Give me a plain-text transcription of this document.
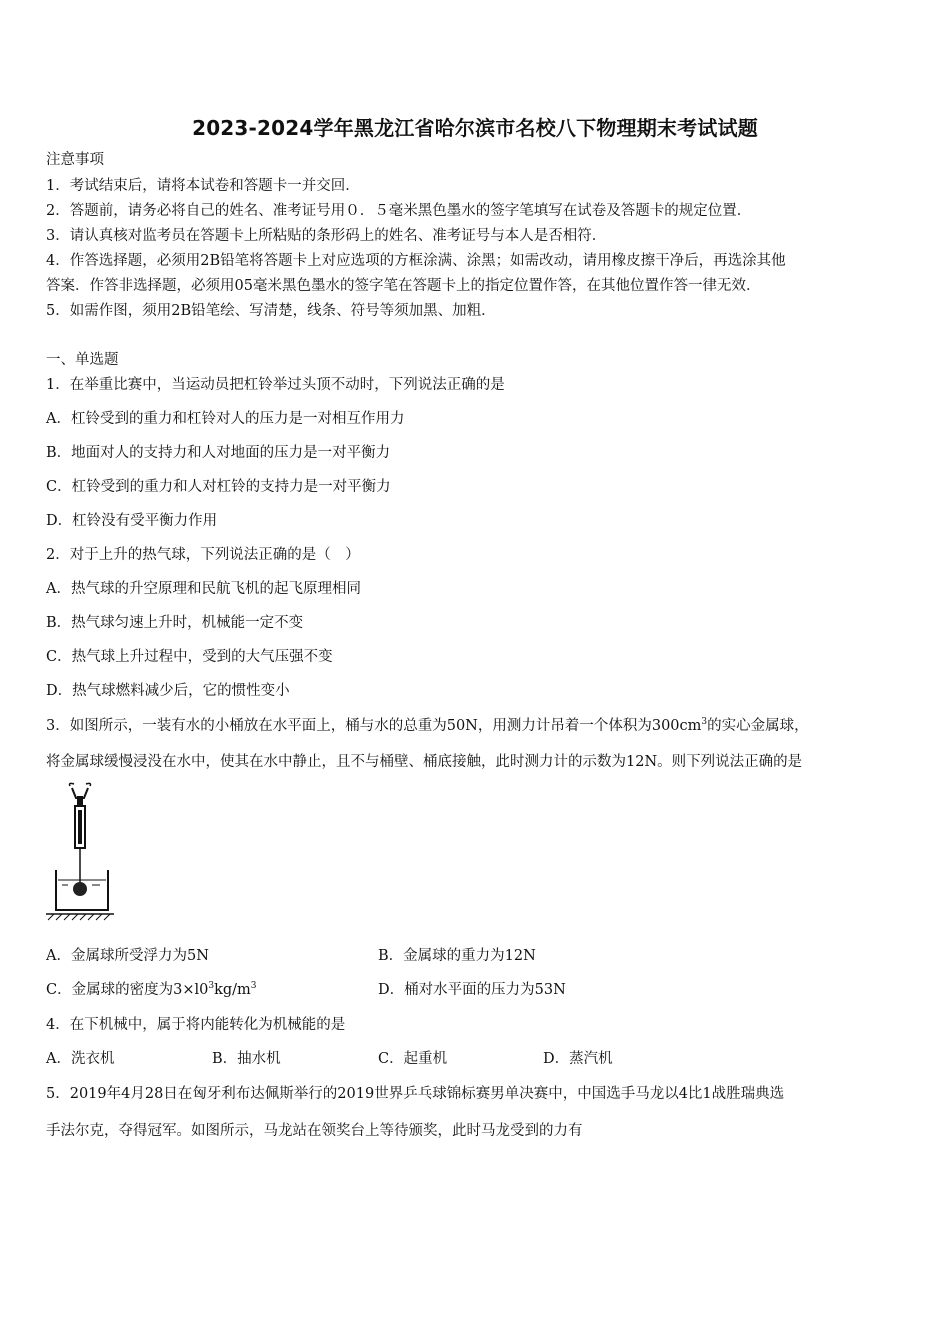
2023-2024学年黑龙江省哈尔滨市名校八下物理期末考试试题
注意事项
1．考试结束后，请将本试卷和答题卡一并交回．
2．答题前，请务必将自己的姓名、准考证号用０．５毫米黑色墨水的签字笔填写在试卷及答题卡的规定位置．
3．请认真核对监考员在答题卡上所粘贴的条形码上的姓名、准考证号与本人是否相符．
4．作答选择题，必须用2B铅笔将答题卡上对应选项的方框涂满、涂黑；如需改动，请用橡皮擦干净后，再选涂其他
答案．作答非选择题，必须用05毫米黑色墨水的签字笔在答题卡上的指定位置作答，在其他位置作答一律无效．
5．如需作图，须用2B铅笔绘、写清楚，线条、符号等须加黑、加粗．
一、单选题
1．在举重比赛中，当运动员把杠铃举过头顶不动时，下列说法正确的是
A．杠铃受到的重力和杠铃对人的压力是一对相互作用力
B．地面对人的支持力和人对地面的压力是一对平衡力
C．杠铃受到的重力和人对杠铃的支持力是一对平衡力
D．杠铃没有受平衡力作用
2．对于上升的热气球，下列说法正确的是（　）
A．热气球的升空原理和民航飞机的起飞原理相同
B．热气球匀速上升时，机械能一定不变
C．热气球上升过程中，受到的大气压强不变
D．热气球燃料减少后，它的惯性变小
3．如图所示，一装有水的小桶放在水平面上，桶与水的总重为50N，用测力计吊着一个体积为$300cm^3$的实心金属球，
将金属球缓慢浸没在水中，使其在水中静止，且不与桶壁、桶底接触，此时测力计的示数为12N。则下列说法正确的是
A．金属球所受浮力为5N	B．金属球的重力为12N
C．金属球的密度为$3\times l0^3kg/m^3$	D．桶对水平面的压力为53N
4．在下机械中，属于将内能转化为机械能的是
A．洗衣机	B．抽水机	C．起重机	D．蒸汽机
5．2019年4月28日在匈牙利布达佩斯举行的2019世界乒乓球锦标赛男单决赛中，中国选手马龙以4比1战胜瑞典选
手法尔克，夺得冠军。如图所示，马龙站在领奖台上等待颁奖，此时马龙受到的力有
